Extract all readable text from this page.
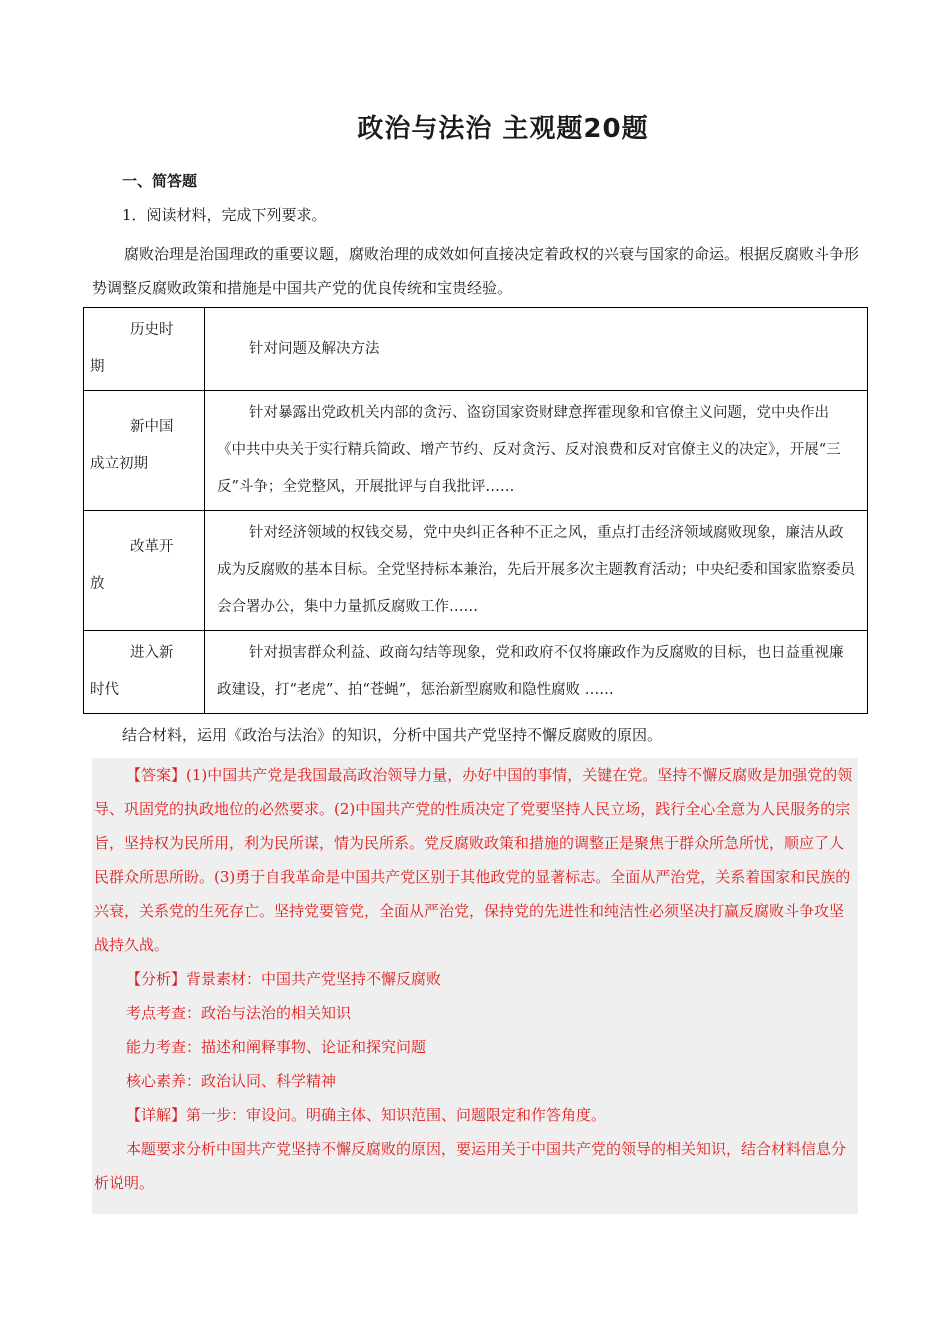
政治与法治 主观题20题
一、简答题
1．阅读材料，完成下列要求。
腐败治理是治国理政的重要议题，腐败治理的成效如何直接决定着政权的兴衰与国家的命运。根据反腐败斗争形势调整反腐败政策和措施是中国共产党的优良传统和宝贵经验。
历史时
期	针对问题及解决方法

新中国
成立初期	针对暴露出党政机关内部的贪污、盗窃国家资财肆意挥霍现象和官僚主义问题，党中央作出《中共中央关于实行精兵简政、增产节约、反对贪污、反对浪费和反对官僚主义的决定》，开展“三反”斗争；全党整风，开展批评与自我批评……

改革开
放	针对经济领域的权钱交易，党中央纠正各种不正之风，重点打击经济领域腐败现象，廉洁从政成为反腐败的基本目标。全党坚持标本兼治，先后开展多次主题教育活动；中央纪委和国家监察委员会合署办公，集中力量抓反腐败工作……

进入新
时代	针对损害群众利益、政商勾结等现象，党和政府不仅将廉政作为反腐败的目标，也日益重视廉政建设，打“老虎”、拍“苍蝇”，惩治新型腐败和隐性腐败 ……
结合材料，运用《政治与法治》的知识，分析中国共产党坚持不懈反腐败的原因。
【答案】(1)中国共产党是我国最高政治领导力量，办好中国的事情，关键在党。坚持不懈反腐败是加强党的领导、巩固党的执政地位的必然要求。(2)中国共产党的性质决定了党要坚持人民立场，践行全心全意为人民服务的宗旨，坚持权为民所用，利为民所谋，情为民所系。党反腐败政策和措施的调整正是聚焦于群众所急所忧，顺应了人民群众所思所盼。(3)勇于自我革命是中国共产党区别于其他政党的显著标志。全面从严治党，关系着国家和民族的兴衰，关系党的生死存亡。坚持党要管党，全面从严治党，保持党的先进性和纯洁性必须坚决打赢反腐败斗争攻坚战持久战。
【分析】背景素材：中国共产党坚持不懈反腐败
考点考查：政治与法治的相关知识
能力考查：描述和阐释事物、论证和探究问题
核心素养：政治认同、科学精神
【详解】第一步：审设问。明确主体、知识范围、问题限定和作答角度。
本题要求分析中国共产党坚持不懈反腐败的原因，要运用关于中国共产党的领导的相关知识，结合材料信息分析说明。
